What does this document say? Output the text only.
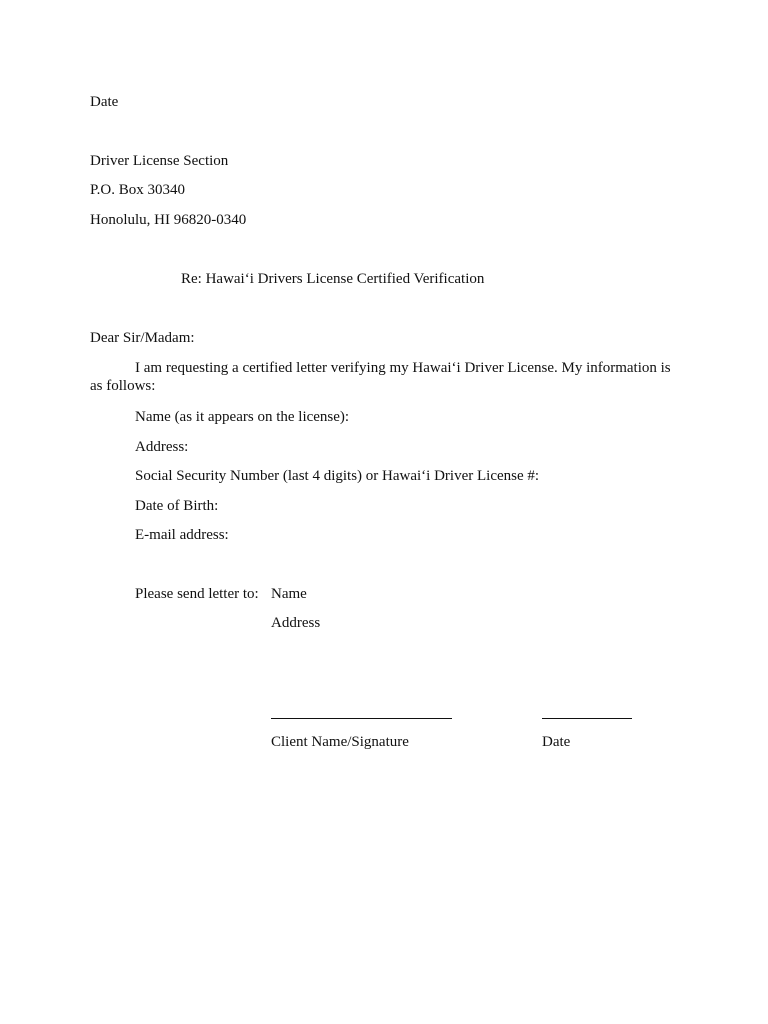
Date
Driver License Section
P.O. Box 30340
Honolulu, HI 96820-0340
Re: Hawai‘i Drivers License Certified Verification
Dear Sir/Madam:
I am requesting a certified letter verifying my Hawai‘i Driver License. My information is as follows:
Name (as it appears on the license):
Address:
Social Security Number (last 4 digits) or Hawai‘i Driver License #:
Date of Birth:
E-mail address:
Please send letter to: Name
Address
Client Name/Signature	Date
